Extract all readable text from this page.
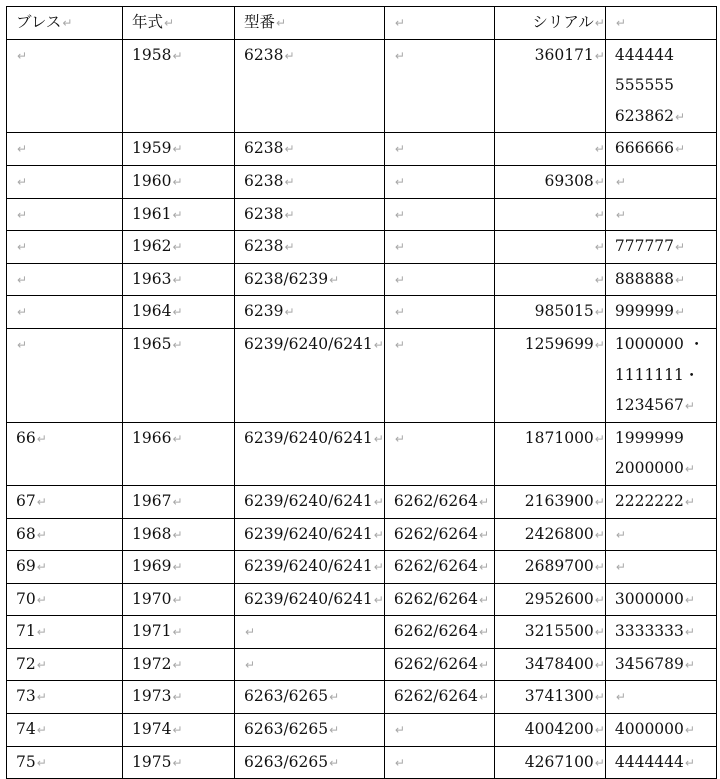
ブレス↵	年式↵	型番↵	↵	シリアル↵	↵
↵	1958↵	6238↵	↵	360171↵	444444
555555
623862↵

↵	1959↵	6238↵	↵	↵	666666↵

↵	1960↵	6238↵	↵	69308↵	↵

↵	1961↵	6238↵	↵	↵	↵

↵	1962↵	6238↵	↵	↵	777777↵

↵	1963↵	6238/6239↵	↵	↵	888888↵

↵	1964↵	6239↵	↵	985015↵	999999↵

↵	1965↵	6239/6240/6241↵	↵	1259699↵	1000000 ・
1111111・
1234567↵

66↵	1966↵	6239/6240/6241↵	↵	1871000↵	1999999
2000000↵

67↵	1967↵	6239/6240/6241↵	6262/6264↵	2163900↵	2222222↵

68↵	1968↵	6239/6240/6241↵	6262/6264↵	2426800↵	↵

69↵	1969↵	6239/6240/6241↵	6262/6264↵	2689700↵	↵

70↵	1970↵	6239/6240/6241↵	6262/6264↵	2952600↵	3000000↵

71↵	1971↵	↵	6262/6264↵	3215500↵	3333333↵

72↵	1972↵	↵	6262/6264↵	3478400↵	3456789↵

73↵	1973↵	6263/6265↵	6262/6264↵	3741300↵	↵

74↵	1974↵	6263/6265↵	↵	4004200↵	4000000↵

75↵	1975↵	6263/6265↵	↵	4267100↵	4444444↵
